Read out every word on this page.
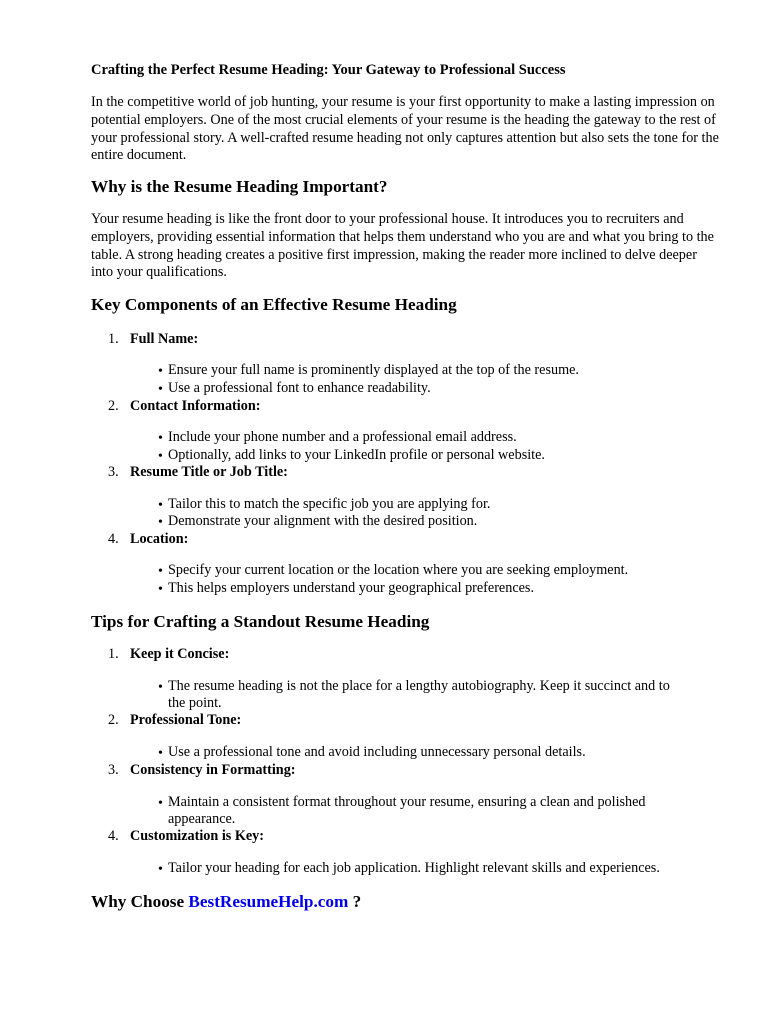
Crafting the Perfect Resume Heading: Your Gateway to Professional Success

In the competitive world of job hunting, your resume is your first opportunity to make a lasting impression on potential employers. One of the most crucial elements of your resume is the heading the gateway to the rest of your professional story. A well-crafted resume heading not only captures attention but also sets the tone for the entire document.

Why is the Resume Heading Important?

Your resume heading is like the front door to your professional house. It introduces you to recruiters and employers, providing essential information that helps them understand who you are and what you bring to the table. A strong heading creates a positive first impression, making the reader more inclined to delve deeper into your qualifications.

Key Components of an Effective Resume Heading
1. Full Name:
• Ensure your full name is prominently displayed at the top of the resume.
• Use a professional font to enhance readability.
2. Contact Information:
• Include your phone number and a professional email address.
• Optionally, add links to your LinkedIn profile or personal website.
3. Resume Title or Job Title:
• Tailor this to match the specific job you are applying for.
• Demonstrate your alignment with the desired position.
4. Location:
• Specify your current location or the location where you are seeking employment.
• This helps employers understand your geographical preferences.
Tips for Crafting a Standout Resume Heading
1. Keep it Concise:
• The resume heading is not the place for a lengthy autobiography. Keep it succinct and to the point.
2. Professional Tone:
• Use a professional tone and avoid including unnecessary personal details.
3. Consistency in Formatting:
• Maintain a consistent format throughout your resume, ensuring a clean and polished appearance.
4. Customization is Key:
• Tailor your heading for each job application. Highlight relevant skills and experiences.
Why Choose BestResumeHelp.com ?
